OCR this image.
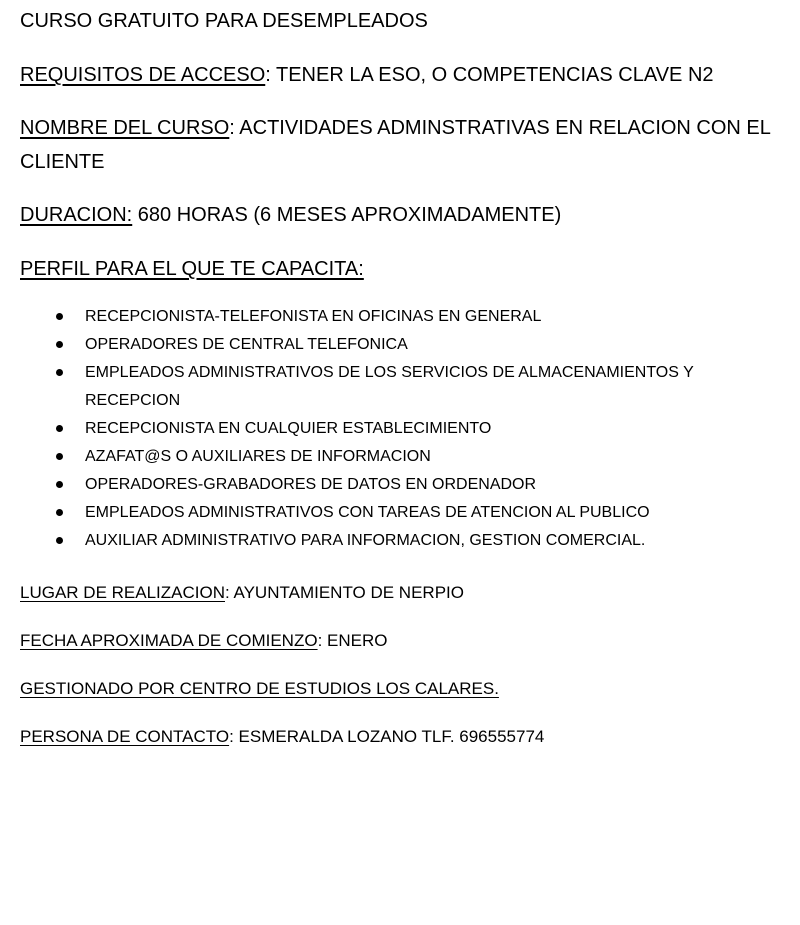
CURSO GRATUITO PARA DESEMPLEADOS
REQUISITOS DE ACCESO: TENER LA ESO, O COMPETENCIAS CLAVE N2
NOMBRE DEL CURSO: ACTIVIDADES ADMINSTRATIVAS EN RELACION CON EL CLIENTE
DURACION: 680 HORAS (6 MESES APROXIMADAMENTE)
PERFIL PARA EL QUE TE CAPACITA:
RECEPCIONISTA-TELEFONISTA EN OFICINAS EN GENERAL
OPERADORES DE CENTRAL TELEFONICA
EMPLEADOS ADMINISTRATIVOS DE LOS SERVICIOS DE ALMACENAMIENTOS Y RECEPCION
RECEPCIONISTA EN CUALQUIER ESTABLECIMIENTO
AZAFAT@S O AUXILIARES DE INFORMACION
OPERADORES-GRABADORES DE DATOS EN ORDENADOR
EMPLEADOS ADMINISTRATIVOS CON TAREAS DE ATENCION AL PUBLICO
AUXILIAR ADMINISTRATIVO PARA INFORMACION, GESTION COMERCIAL.
LUGAR DE REALIZACION: AYUNTAMIENTO DE NERPIO
FECHA APROXIMADA DE COMIENZO: ENERO
GESTIONADO POR CENTRO DE ESTUDIOS LOS CALARES.
PERSONA DE CONTACTO: ESMERALDA LOZANO TLF. 696555774
